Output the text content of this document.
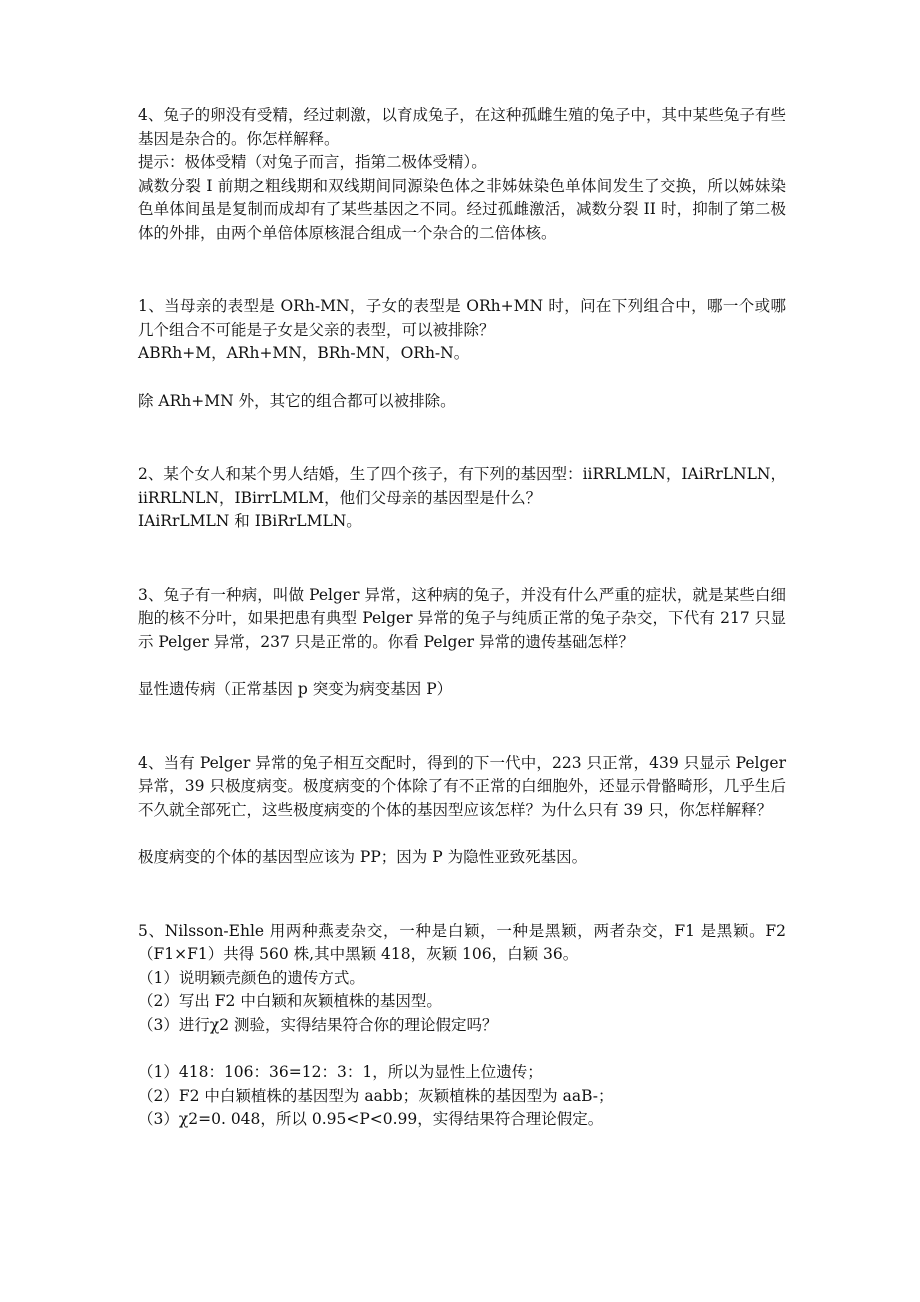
4、兔子的卵没有受精，经过刺激，以育成兔子，在这种孤雌生殖的兔子中，其中某些兔子有些基因是杂合的。你怎样解释。

提示：极体受精（对兔子而言，指第二极体受精）。

减数分裂 I 前期之粗线期和双线期间同源染色体之非姊妹染色单体间发生了交换，所以姊妹染色单体间虽是复制而成却有了某些基因之不同。经过孤雌激活，减数分裂 II 时，抑制了第二极体的外排，由两个单倍体原核混合组成一个杂合的二倍体核。

1、当母亲的表型是 ORh-MN，子女的表型是 ORh+MN 时，问在下列组合中，哪一个或哪几个组合不可能是子女是父亲的表型，可以被排除？

ABRh+M，ARh+MN，BRh-MN，ORh-N。

除 ARh+MN 外，其它的组合都可以被排除。

2、某个女人和某个男人结婚，生了四个孩子，有下列的基因型：iiRRLMLN，IAiRrLNLN，iiRRLNLN，IBirrLMLM，他们父母亲的基因型是什么？

IAiRrLMLN 和 IBiRrLMLN。

3、兔子有一种病，叫做 Pelger 异常，这种病的兔子，并没有什么严重的症状，就是某些白细胞的核不分叶，如果把患有典型 Pelger 异常的兔子与纯质正常的兔子杂交，下代有 217 只显示 Pelger 异常，237 只是正常的。你看 Pelger 异常的遗传基础怎样？

显性遗传病（正常基因 p 突变为病变基因 P）

4、当有 Pelger 异常的兔子相互交配时，得到的下一代中，223 只正常，439 只显示 Pelger 异常，39 只极度病变。极度病变的个体除了有不正常的白细胞外，还显示骨骼畸形，几乎生后不久就全部死亡，这些极度病变的个体的基因型应该怎样？为什么只有 39 只，你怎样解释？

极度病变的个体的基因型应该为 PP；因为 P 为隐性亚致死基因。

5、Nilsson-Ehle 用两种燕麦杂交，一种是白颖，一种是黑颖，两者杂交，F1 是黑颖。F2（F1×F1）共得 560 株,其中黑颖 418，灰颖 106，白颖 36。

（1）说明颖壳颜色的遗传方式。

（2）写出 F2 中白颖和灰颖植株的基因型。

（3）进行χ2 测验，实得结果符合你的理论假定吗？

（1）418：106：36=12：3：1，所以为显性上位遗传；

（2）F2 中白颖植株的基因型为 aabb；灰颖植株的基因型为 aaB-；

（3）χ2=0. 048，所以 0.95<P<0.99，实得结果符合理论假定。
